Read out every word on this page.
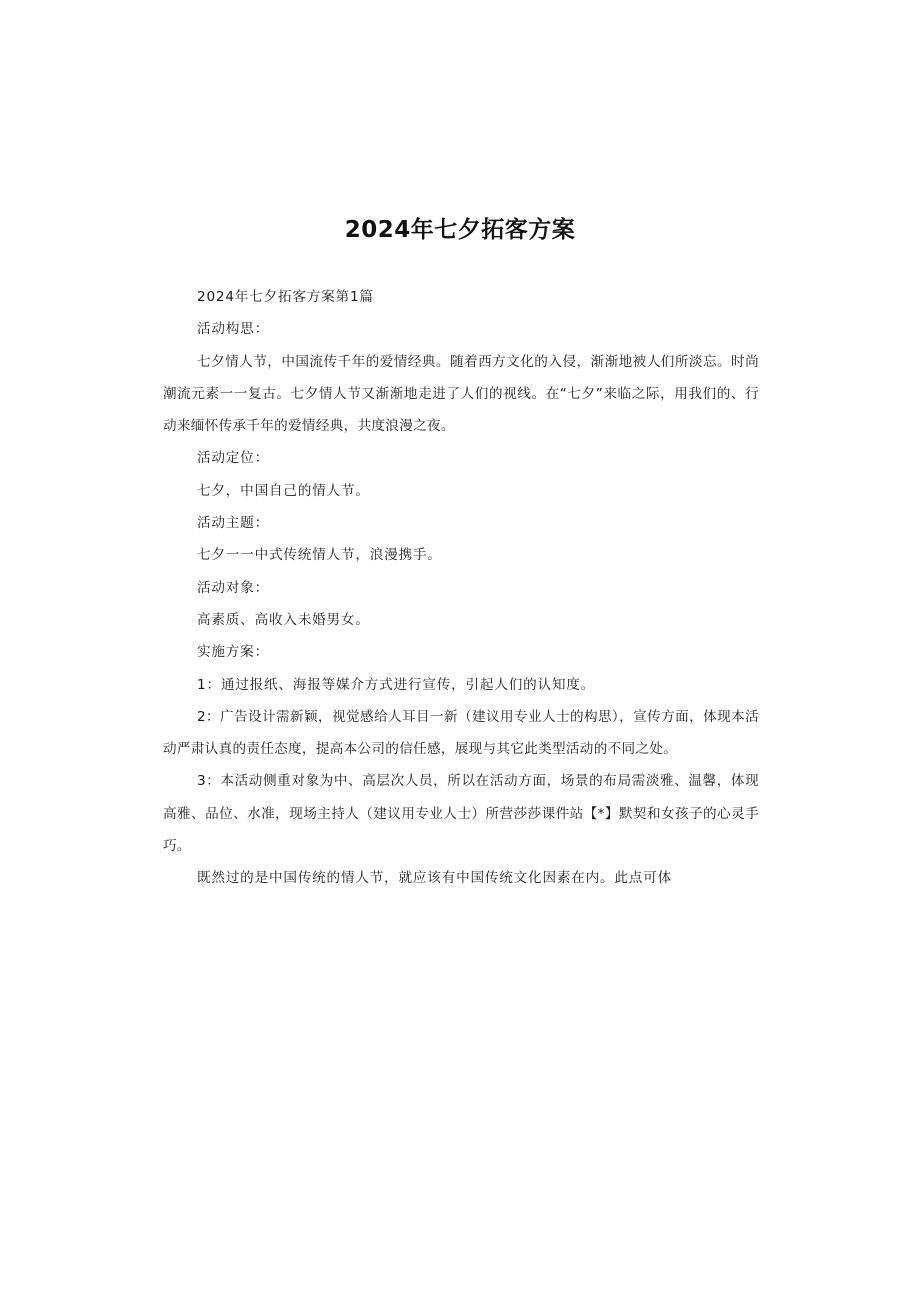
2024年七夕拓客方案

2024年七夕拓客方案第1篇

活动构思：

七夕情人节，中国流传千年的爱情经典。随着西方文化的入侵，渐渐地被人们所淡忘。时尚潮流元素一一复古。七夕情人节又渐渐地走进了人们的视线。在“七夕”来临之际，用我们的、行动来缅怀传承千年的爱情经典，共度浪漫之夜。

活动定位：

七夕，中国自己的情人节。

活动主题：

七夕一一中式传统情人节，浪漫携手。

活动对象：

高素质、高收入未婚男女。

实施方案：

1：通过报纸、海报等媒介方式进行宣传，引起人们的认知度。

2：广告设计需新颖，视觉感给人耳目一新（建议用专业人士的构思），宣传方面，体现本活动严肃认真的责任态度，提高本公司的信任感，展现与其它此类型活动的不同之处。

3：本活动侧重对象为中、高层次人员，所以在活动方面，场景的布局需淡雅、温馨，体现高雅、品位、水准，现场主持人（建议用专业人士）所营莎莎课件站【*】默契和女孩子的心灵手巧。

既然过的是中国传统的情人节，就应该有中国传统文化因素在内。此点可体
